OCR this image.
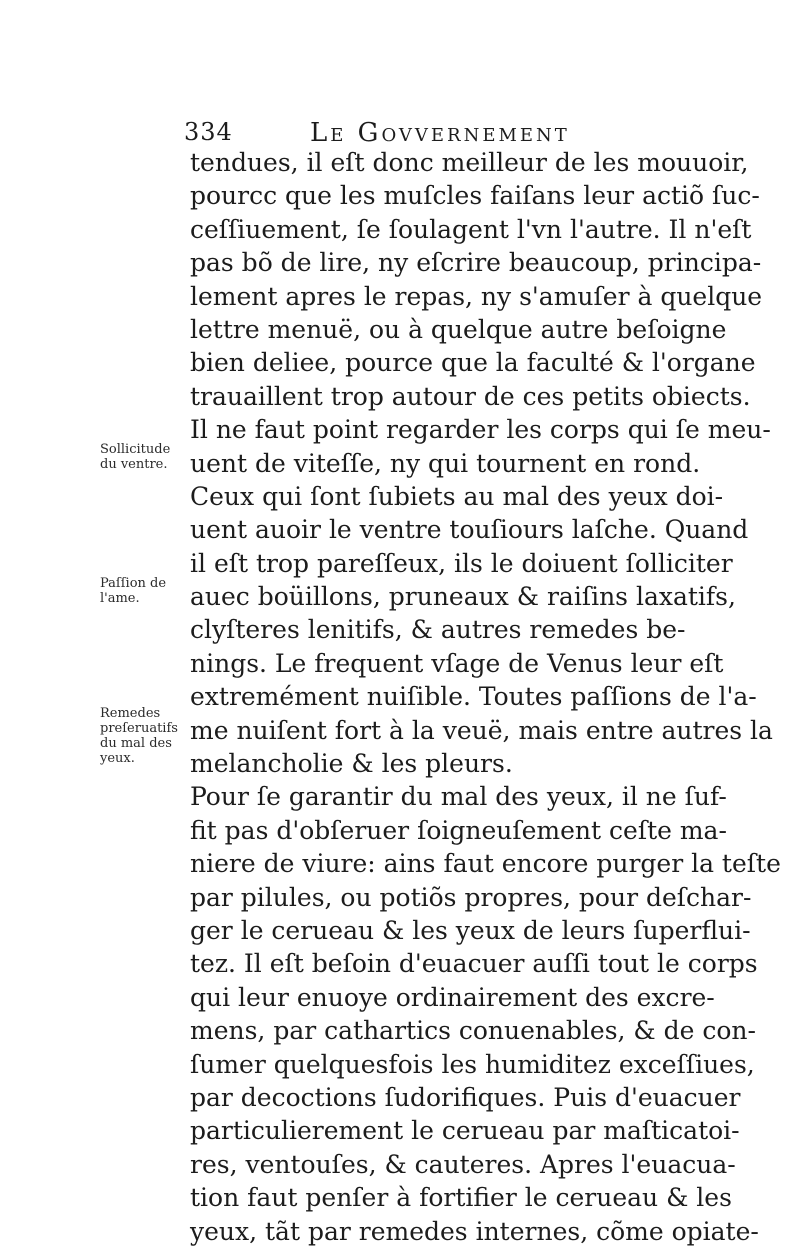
334	Le Govvernement
tendues, il eſt donc meilleur de les mouuoir,
pourcc que les muſcles faiſans leur actiõ ſuc-
ceſſiuement, ſe ſoulagent l'vn l'autre. Il n'eſt
pas bõ de lire, ny eſcrire beaucoup, principa-
lement apres le repas, ny s'amuſer à quelque
lettre menuë, ou à quelque autre beſoigne
bien deliee, pource que la faculté & l'organe
trauaillent trop autour de ces petits obiects.
Il ne faut point regarder les corps qui ſe meu-
uent de viteſſe, ny qui tournent en rond.
Ceux qui ſont ſubiets au mal des yeux doi-
uent auoir le ventre touſiours laſche. Quand
il eſt trop pareſſeux, ils le doiuent ſolliciter
auec boüillons, pruneaux & raiſins laxatifs,
clyſteres lenitifs, & autres remedes be-
nings. Le frequent vſage de Venus leur eſt
extremément nuiſible. Toutes paſſions de l'a-
me nuiſent fort à la veuë, mais entre autres la
melancholie & les pleurs.
Pour ſe garantir du mal des yeux, il ne ſuf-
fit pas d'obſeruer ſoigneuſement ceſte ma-
niere de viure: ains faut encore purger la teſte
par pilules, ou potiõs propres, pour deſchar-
ger le cerueau & les yeux de leurs ſuperflui-
tez. Il eſt beſoin d'euacuer auſſi tout le corps
qui leur enuoye ordinairement des excre-
mens, par cathartics conuenables, & de con-
ſumer quelquesfois les humiditez exceſſiues,
par decoctions ſudorifiques. Puis d'euacuer
particulierement le cerueau par maſticatoi-
res, ventouſes, & cauteres. Apres l'euacua-
tion faut penſer à fortifier le cerueau & les
yeux, tãt par remedes internes, cõme opiate-
Sollicitude
du ventre.
Paſſion de
l'ame.
Remedes
preſeruatifs
du mal des
yeux.
